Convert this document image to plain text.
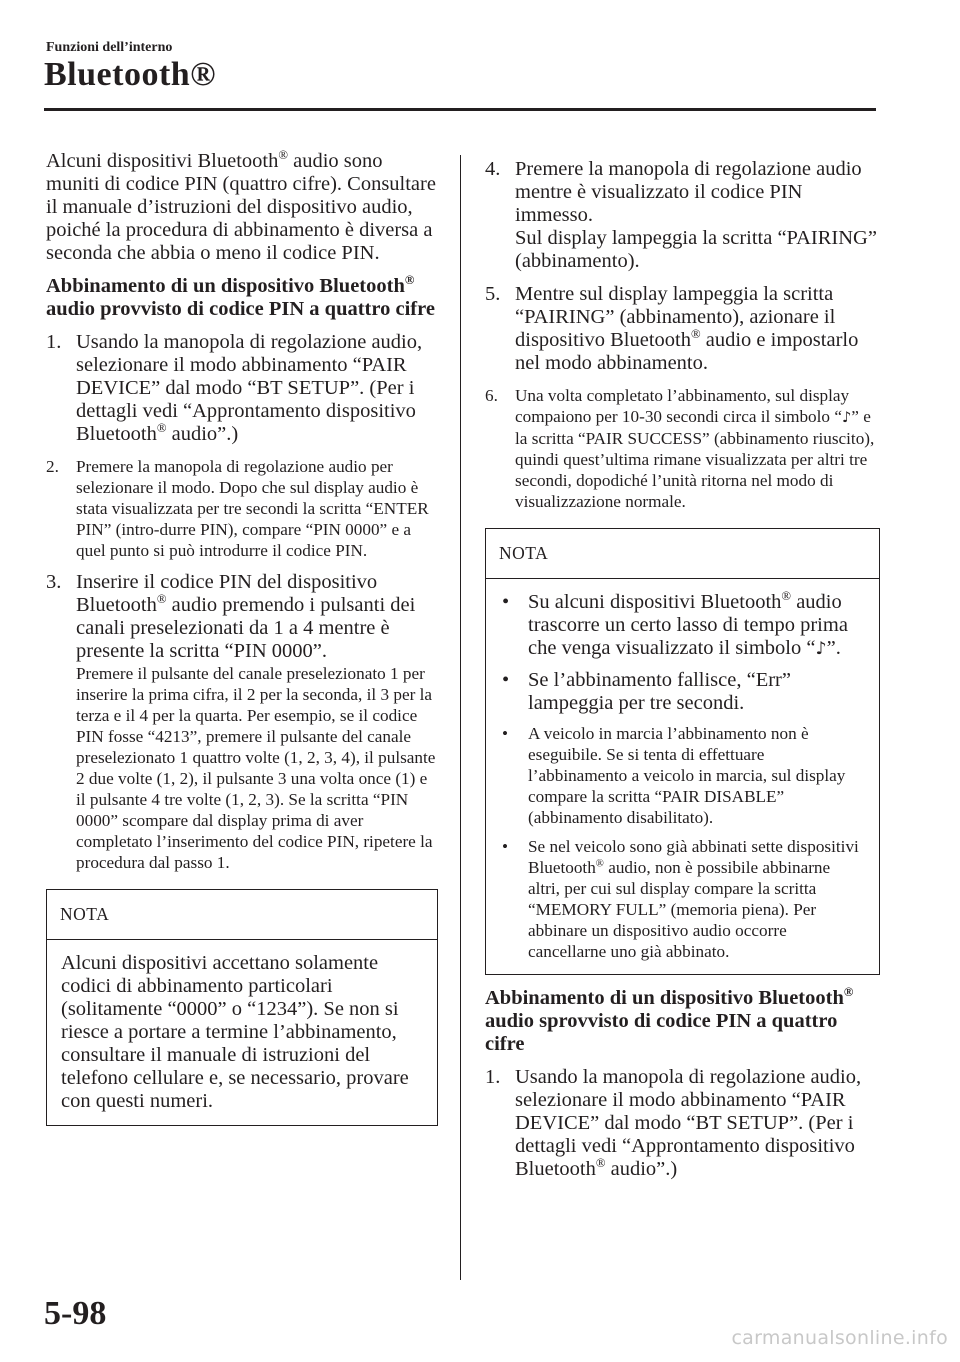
Funzioni dell’interno
Bluetooth®

Alcuni dispositivi Bluetooth® audio sono muniti di codice PIN (quattro cifre). Consultare il manuale d’istruzioni del dispositivo audio, poiché la procedura di abbinamento è diversa a seconda che abbia o meno il codice PIN.

Abbinamento di un dispositivo Bluetooth® audio provvisto di codice PIN a quattro cifre

1. Usando la manopola di regolazione audio, selezionare il modo abbinamento “PAIR DEVICE” dal modo “BT SETUP”. (Per i dettagli vedi “Approntamento dispositivo Bluetooth® audio”.)
2. Premere la manopola di regolazione audio per selezionare il modo. Dopo che sul display audio è stata visualizzata per tre secondi la scritta “ENTER PIN” (intro-durre PIN), compare “PIN 0000” e a quel punto si può introdurre il codice PIN.
3. Inserire il codice PIN del dispositivo Bluetooth® audio premendo i pulsanti dei canali preselezionati da 1 a 4 mentre è presente la scritta “PIN 0000”.

Premere il pulsante del canale preselezionato 1 per inserire la prima cifra, il 2 per la seconda, il 3 per la terza e il 4 per la quarta. Per esempio, se il codice PIN fosse “4213”, premere il pulsante del canale preselezionato 1 quattro volte (1, 2, 3, 4), il pulsante 2 due volte (1, 2), il pulsante 3 una volta once (1) e il pulsante 4 tre volte (1, 2, 3). Se la scritta “PIN 0000” scompare dal display prima di aver completato l’inserimento del codice PIN, ripetere la procedura dal passo 1.

NOTA
Alcuni dispositivi accettano solamente codici di abbinamento particolari (solitamente “0000” o “1234”). Se non si riesce a portare a termine l’abbinamento, consultare il manuale di istruzioni del telefono cellulare e, se necessario, provare con questi numeri.
4. Premere la manopola di regolazione audio mentre è visualizzato il codice PIN immesso.

Sul display lampeggia la scritta “PAIRING” (abbinamento).

5. Mentre sul display lampeggia la scritta “PAIRING” (abbinamento), azionare il dispositivo Bluetooth® audio e impostarlo nel modo abbinamento.
6. Una volta completato l’abbinamento, sul display compaiono per 10-30 secondi circa il simbolo “♪” e la scritta “PAIR SUCCESS” (abbinamento riuscito), quindi quest’ultima rimane visualizzata per altri tre secondi, dopodiché l’unità ritorna nel modo di visualizzazione normale.
NOTA
• Su alcuni dispositivi Bluetooth® audio trascorre un certo lasso di tempo prima che venga visualizzato il simbolo “♪”.
• Se l’abbinamento fallisce, “Err” lampeggia per tre secondi.
• A veicolo in marcia l’abbinamento non è eseguibile. Se si tenta di effettuare l’abbinamento a veicolo in marcia, sul display compare la scritta “PAIR DISABLE” (abbinamento disabilitato).
• Se nel veicolo sono già abbinati sette dispositivi Bluetooth® audio, non è possibile abbinarne altri, per cui sul display compare la scritta “MEMORY FULL” (memoria piena). Per abbinare un dispositivo audio occorre cancellarne uno già abbinato.

Abbinamento di un dispositivo Bluetooth® audio sprovvisto di codice PIN a quattro cifre

1. Usando la manopola di regolazione audio, selezionare il modo abbinamento “PAIR DEVICE” dal modo “BT SETUP”. (Per i dettagli vedi “Approntamento dispositivo Bluetooth® audio”.)
5-98
carmanualsonline.info
